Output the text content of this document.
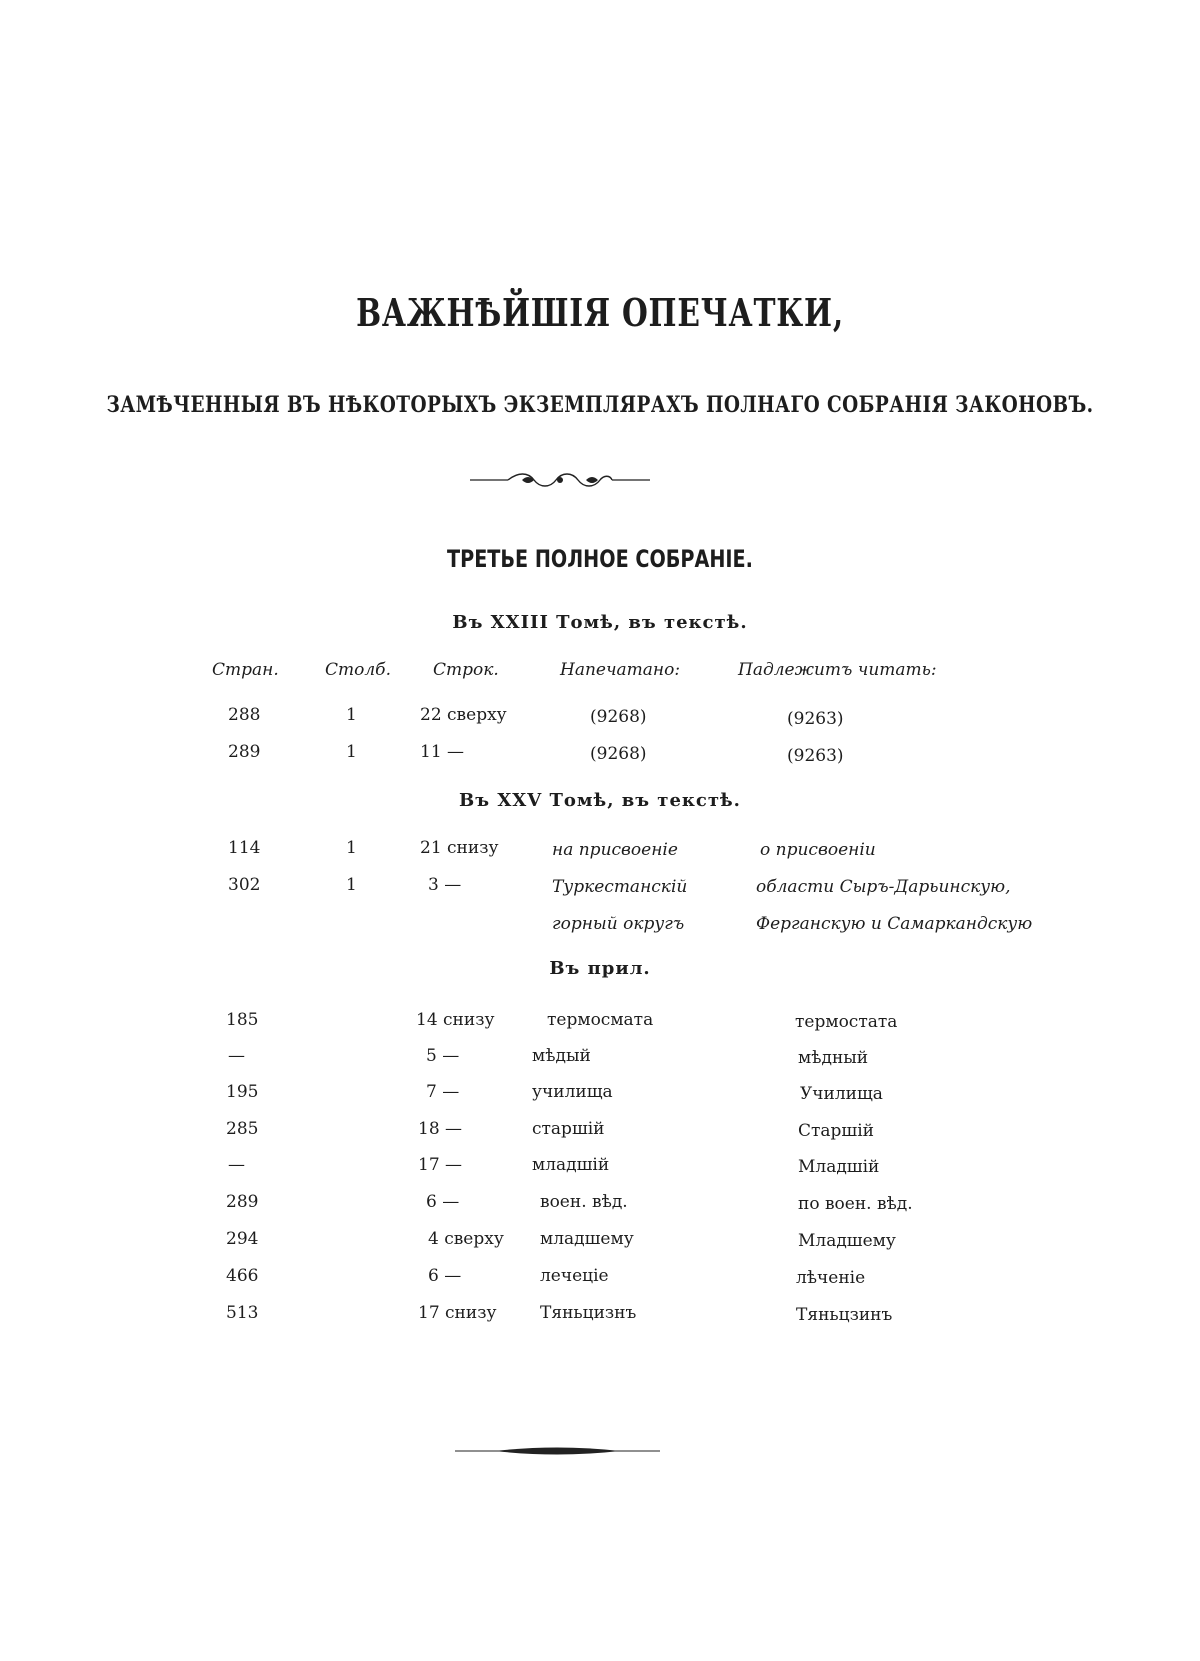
ВАЖНѢЙШІЯ ОПЕЧАТКИ,
ЗАМѢЧЕННЫЯ ВЪ НѢКОТОРЫХЪ ЭКЗЕМПЛЯРАХЪ ПОЛНАГО СОБРАНІЯ ЗАКОНОВЪ.
ТРЕТЬЕ ПОЛНОЕ СОБРАНІЕ.
Стран.	Столб. Строк.	Напечатано:	Падлежитъ читать:
Въ XXIII Томѣ, въ текстѣ.
288	1	22 сверху	(9268)	(9263)
289	1	11 —	(9268)	(9263)
Въ XXV Томѣ, въ текстѣ.
114	1	21 снизу	на присвоеніе	о присвоеніи
302	1	3 —	Туркестанскій	области Сыръ-Дарьинскую,
горный округъ	Ферганскую и Самаркандскую
Въ прил.
185	14 снизу	термосмата	термостата
—	5 —	мѣдый	мѣдный
195	7 —	училища	Училища
285	18 —	старшій	Старшій
—	17 —	младшій	Младшій
289	6 —	воен. вѣд.	по воен. вѣд.
294	4 сверху младшему	Младшему
466	6 —	лечеціе	лѣченіе
513	17 снизу	Тяньцизнъ	Тяньцзинъ
